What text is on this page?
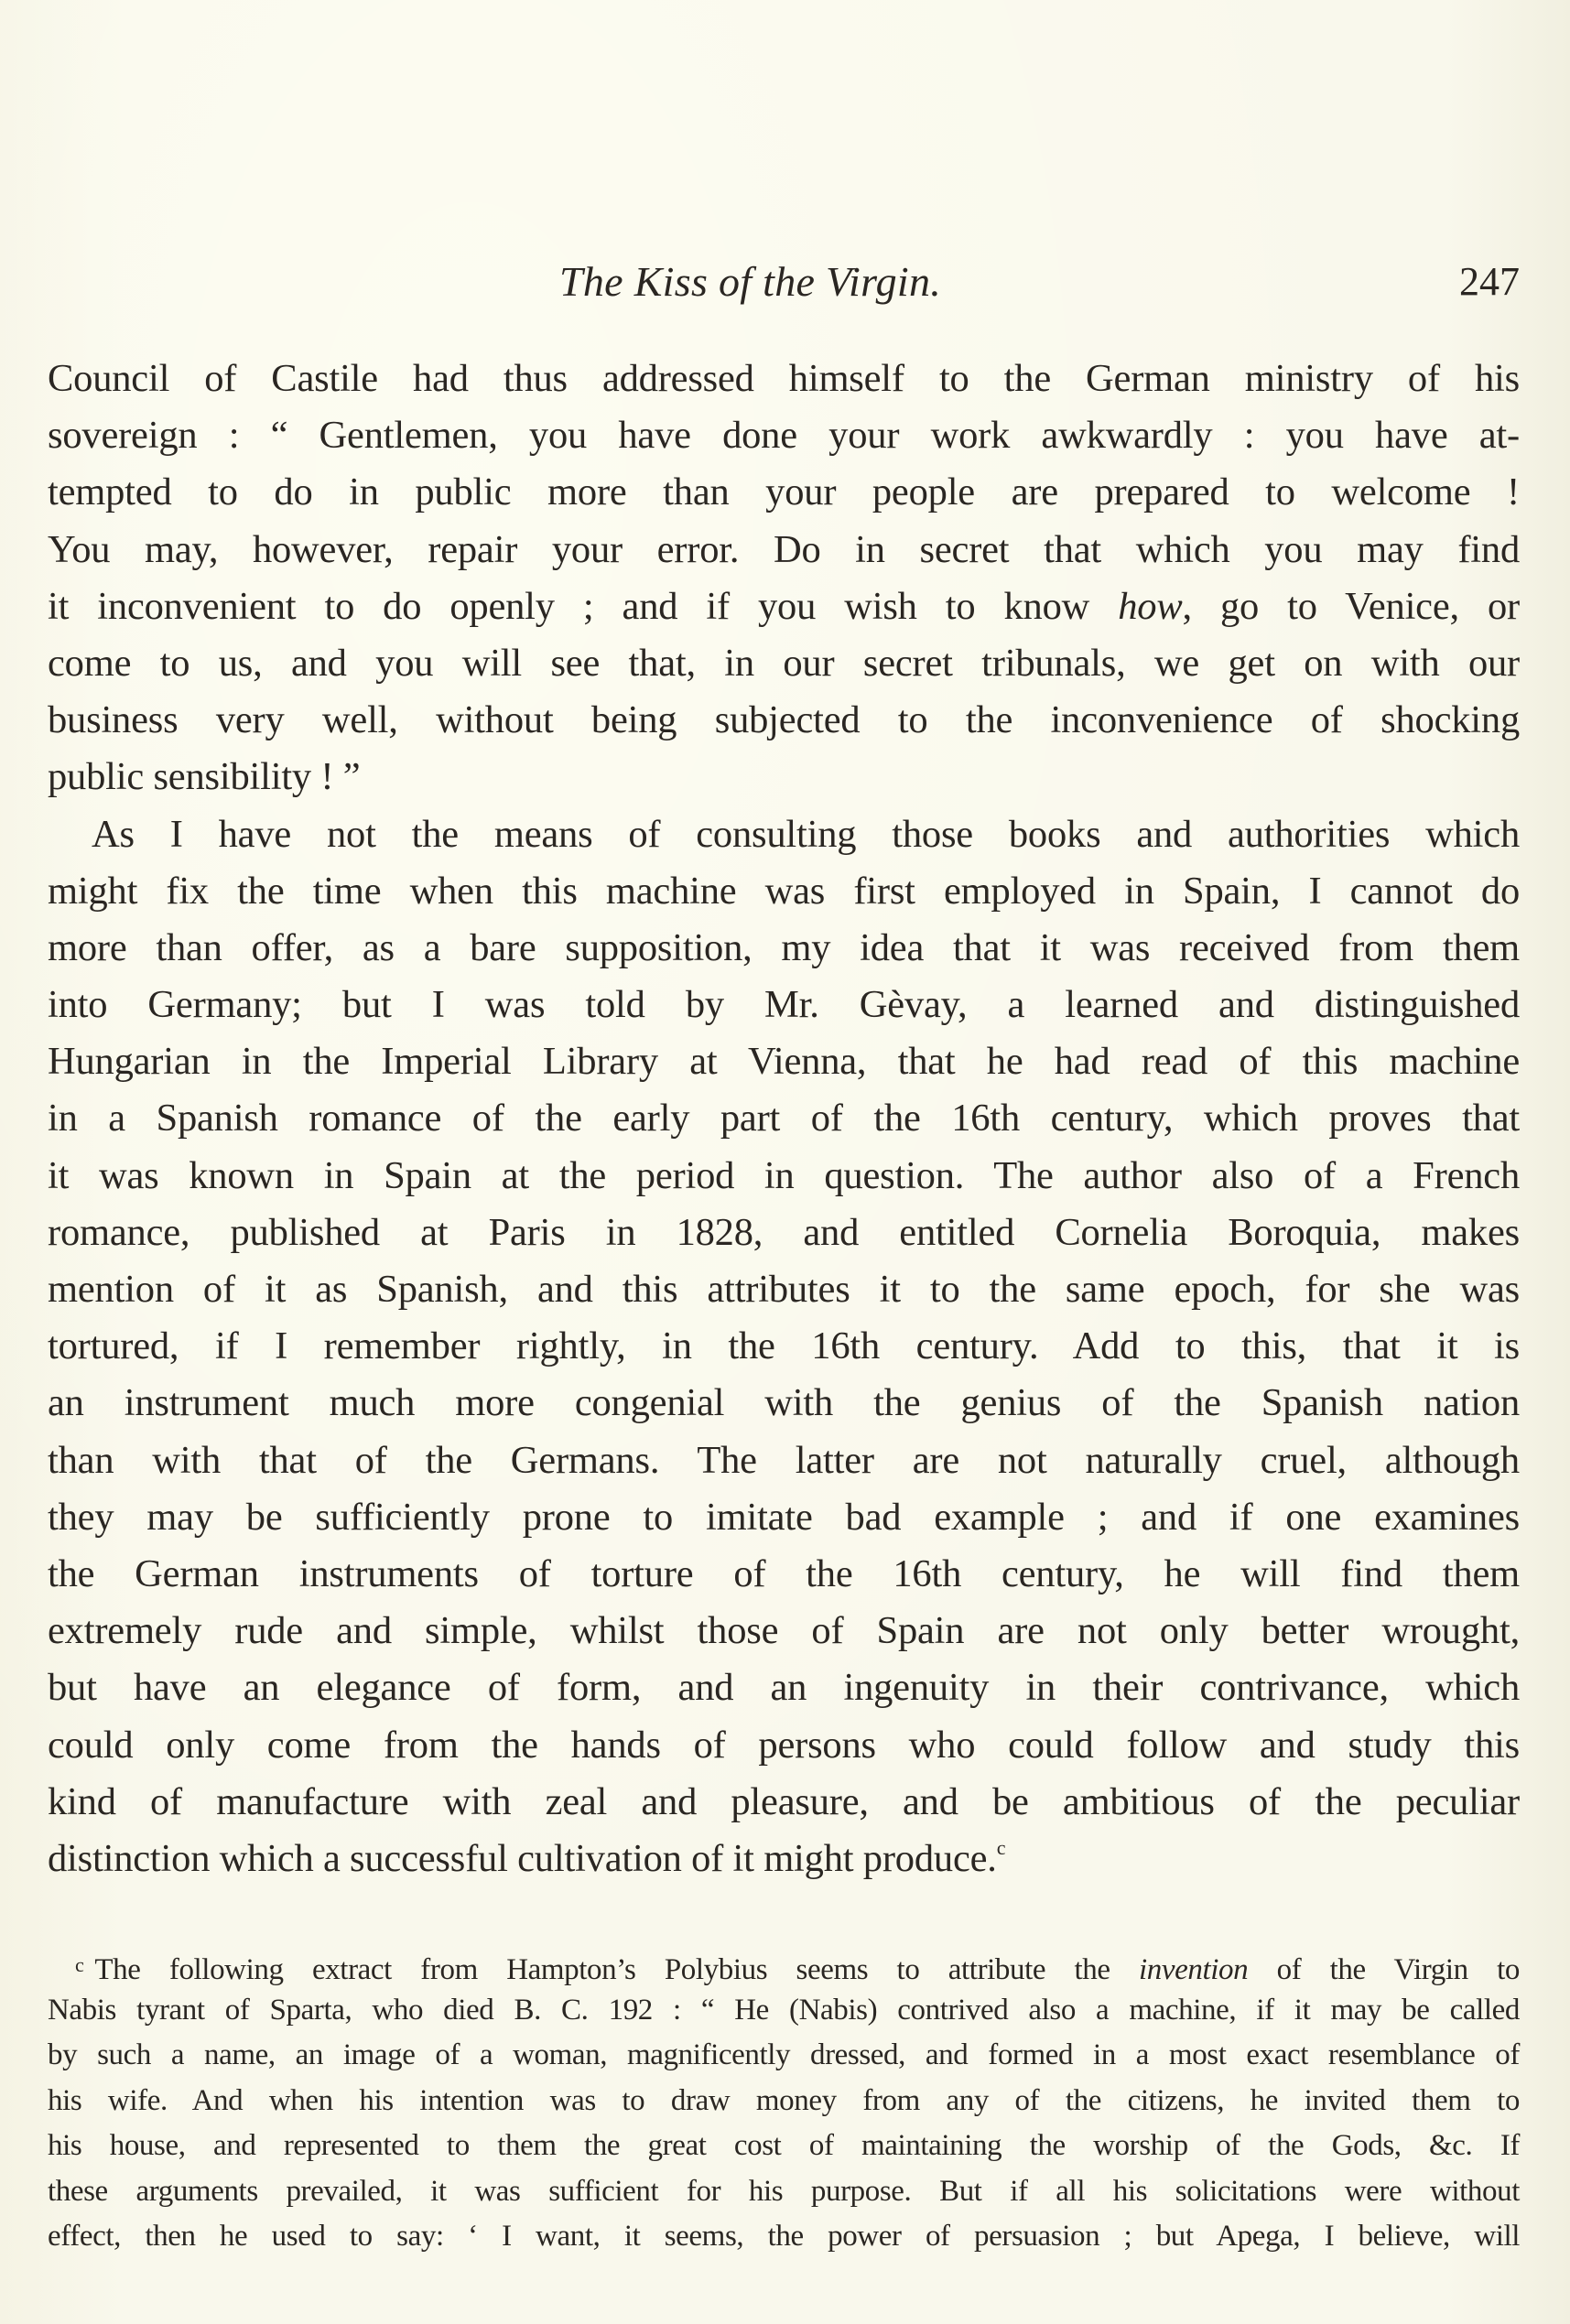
The Kiss of the Virgin.	247
Council of Castile had thus addressed himself to the German ministry of his
sovereign : “ Gentlemen, you have done your work awkwardly : you have at-
tempted to do in public more than your people are prepared to welcome !
You may, however, repair your error. Do in secret that which you may find
it inconvenient to do openly ; and if you wish to know how, go to Venice, or
come to us, and you will see that, in our secret tribunals, we get on with our
business very well, without being subjected to the inconvenience of shocking
public sensibility ! ”
As I have not the means of consulting those books and authorities which
might fix the time when this machine was first employed in Spain, I cannot do
more than offer, as a bare supposition, my idea that it was received from them
into Germany; but I was told by Mr. Gèvay, a learned and distinguished
Hungarian in the Imperial Library at Vienna, that he had read of this machine
in a Spanish romance of the early part of the 16th century, which proves that
it was known in Spain at the period in question. The author also of a French
romance, published at Paris in 1828, and entitled Cornelia Boroquia, makes
mention of it as Spanish, and this attributes it to the same epoch, for she was
tortured, if I remember rightly, in the 16th century. Add to this, that it is
an instrument much more congenial with the genius of the Spanish nation
than with that of the Germans. The latter are not naturally cruel, although
they may be sufficiently prone to imitate bad example ; and if one examines
the German instruments of torture of the 16th century, he will find them
extremely rude and simple, whilst those of Spain are not only better wrought,
but have an elegance of form, and an ingenuity in their contrivance, which
could only come from the hands of persons who could follow and study this
kind of manufacture with zeal and pleasure, and be ambitious of the peculiar
distinction which a successful cultivation of it might produce.$^c$
$^c$ The following extract from Hampton’s Polybius seems to attribute the invention of the Virgin to
Nabis tyrant of Sparta, who died B. C. 192 : “ He (Nabis) contrived also a machine, if it may be called
by such a name, an image of a woman, magnificently dressed, and formed in a most exact resemblance of
his wife. And when his intention was to draw money from any of the citizens, he invited them to
his house, and represented to them the great cost of maintaining the worship of the Gods, &c. If
these arguments prevailed, it was sufficient for his purpose. But if all his solicitations were without
effect, then he used to say: ‘ I want, it seems, the power of persuasion ; but Apega, I believe, will
